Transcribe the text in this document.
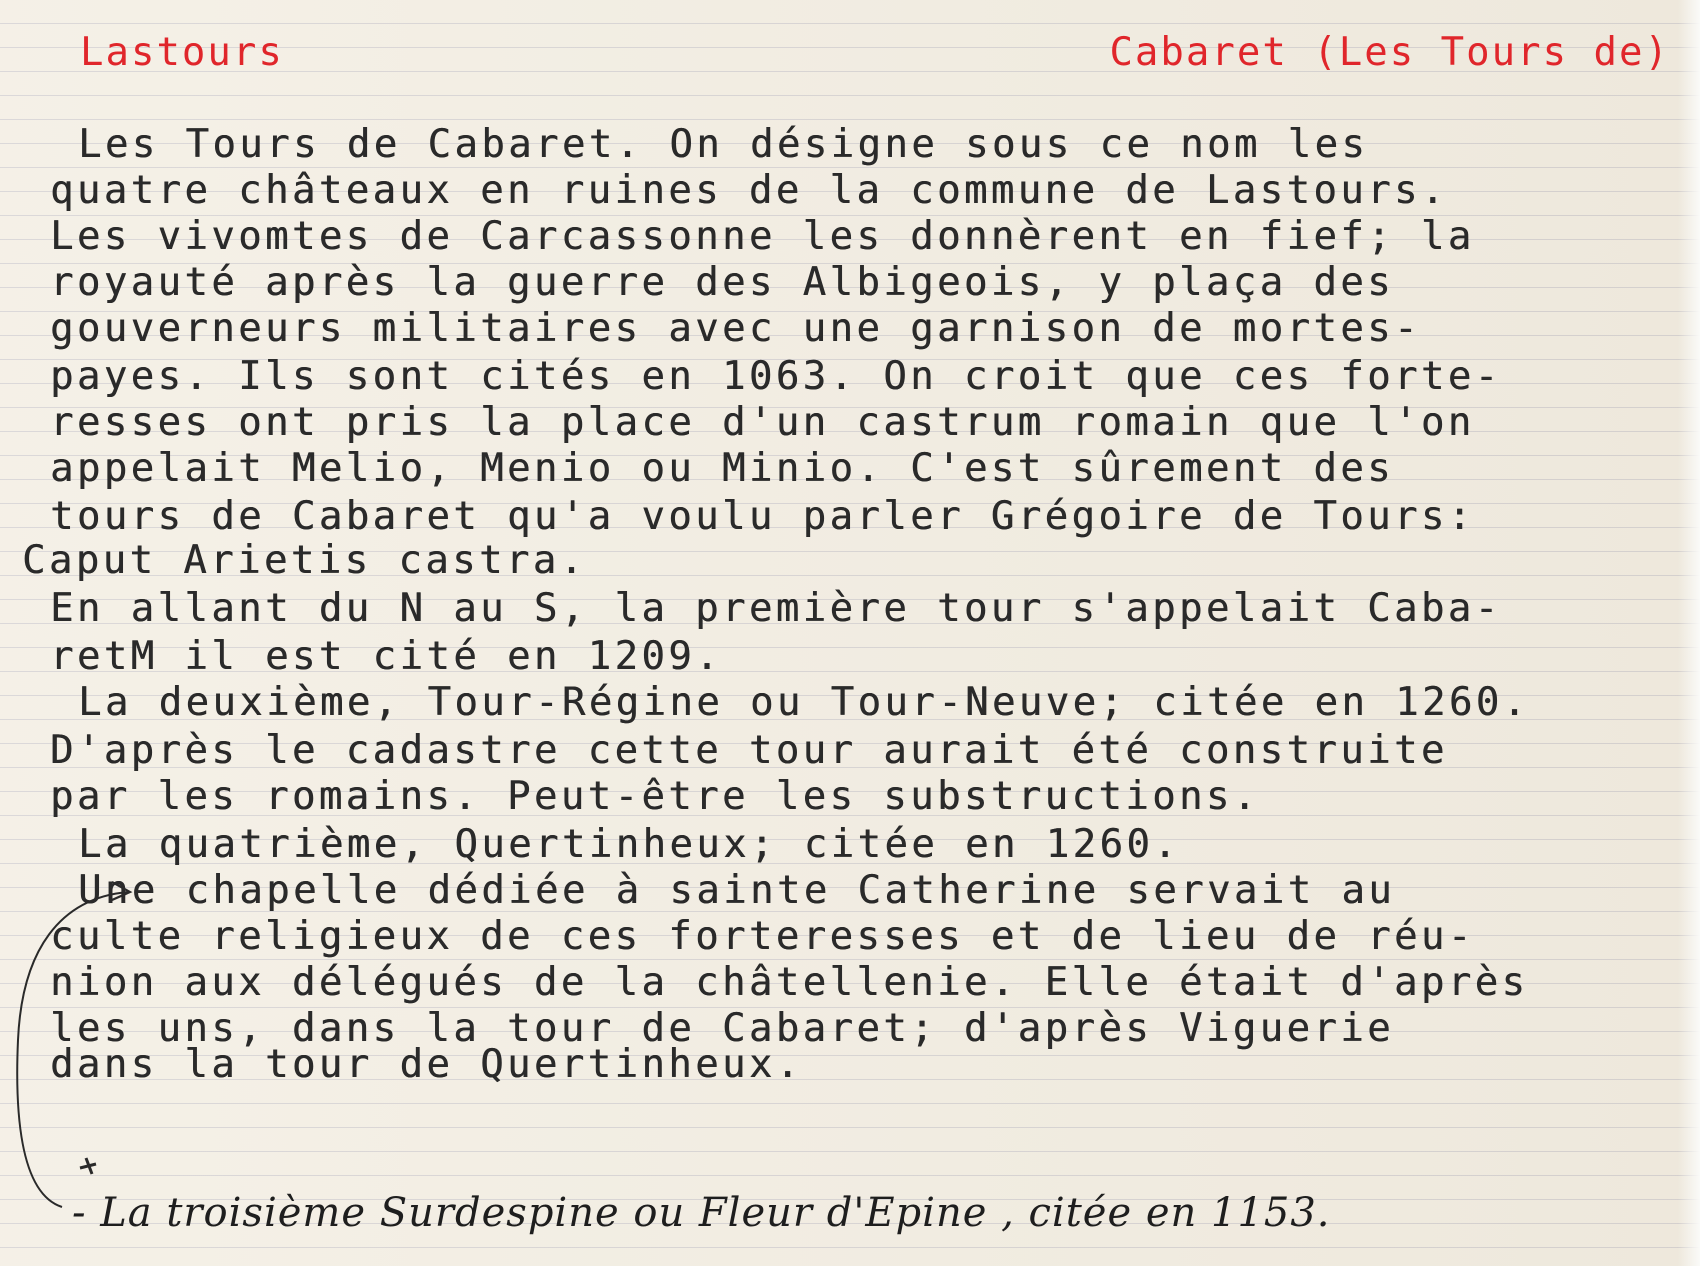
Lastours	Cabaret (Les Tours de)
Les Tours de Cabaret. On désigne sous ce nom les
quatre châteaux en ruines de la commune de Lastours.
Les vivomtes de Carcassonne les donnèrent en fief; la
royauté après la guerre des Albigeois, y plaça des
gouverneurs militaires avec une garnison de mortes-
payes. Ils sont cités en 1063. On croit que ces forte-
resses ont pris la place d'un castrum romain que l'on
appelait Melio, Menio ou Minio. C'est sûrement des
tours de Cabaret qu'a voulu parler Grégoire de Tours:
Caput Arietis castra.
En allant du N au S, la première tour s'appelait Caba-
retM il est cité en 1209.
La deuxième, Tour-Régine ou Tour-Neuve; citée en 1260.
D'après le cadastre cette tour aurait été construite
par les romains. Peut-être les substructions.
La quatrième, Quertinheux; citée en 1260.
Une chapelle dédiée à sainte Catherine servait au
culte religieux de ces forteresses et de lieu de réu-
nion aux délégués de la châtellenie. Elle était d'après
les uns, dans la tour de Cabaret; d'après Viguerie
dans la tour de Quertinheux.
- La troisième Surdespine ou Fleur d'Epine , citée en 1153.
